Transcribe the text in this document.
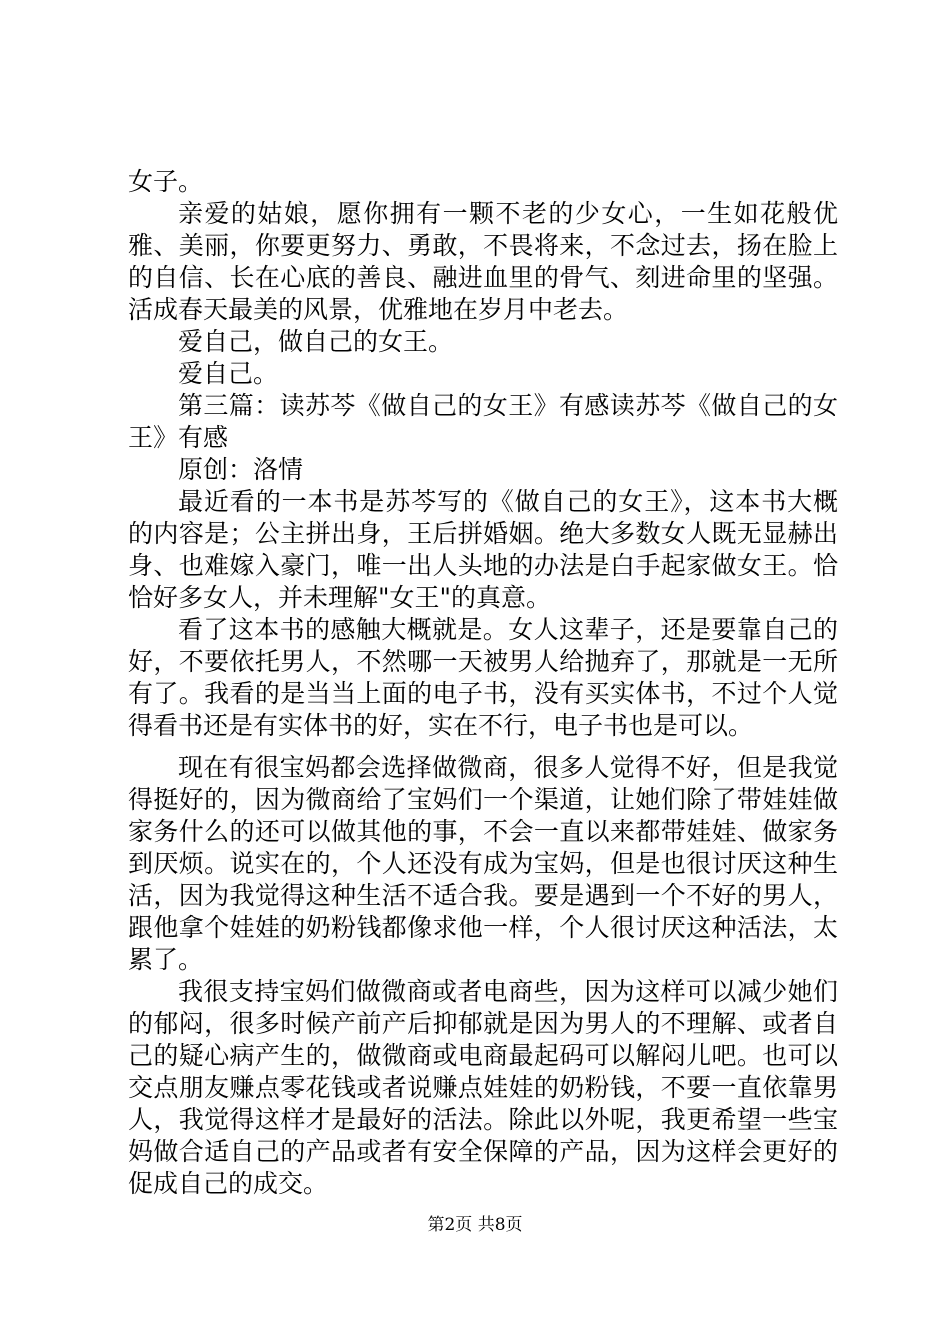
女子。

亲爱的姑娘，愿你拥有一颗不老的少女心，一生如花般优雅、美丽，你要更努力、勇敢，不畏将来，不念过去，扬在脸上的自信、长在心底的善良、融进血里的骨气、刻进命里的坚强。活成春天最美的风景，优雅地在岁月中老去。

爱自己，做自己的女王。

爱自己。

第三篇：读苏芩《做自己的女王》有感读苏芩《做自己的女王》有感

原创：洛情

最近看的一本书是苏芩写的《做自己的女王》，这本书大概的内容是；公主拼出身，王后拼婚姻。绝大多数女人既无显赫出身、也难嫁入豪门，唯一出人头地的办法是白手起家做女王。恰恰好多女人，并未理解"女王"的真意。

看了这本书的感触大概就是。女人这辈子，还是要靠自己的好，不要依托男人，不然哪一天被男人给抛弃了，那就是一无所有了。我看的是当当上面的电子书，没有买实体书，不过个人觉得看书还是有实体书的好，实在不行，电子书也是可以。

现在有很宝妈都会选择做微商，很多人觉得不好，但是我觉得挺好的，因为微商给了宝妈们一个渠道，让她们除了带娃娃做家务什么的还可以做其他的事，不会一直以来都带娃娃、做家务到厌烦。说实在的，个人还没有成为宝妈，但是也很讨厌这种生活，因为我觉得这种生活不适合我。要是遇到一个不好的男人，跟他拿个娃娃的奶粉钱都像求他一样，个人很讨厌这种活法，太累了。

我很支持宝妈们做微商或者电商些，因为这样可以减少她们的郁闷，很多时候产前产后抑郁就是因为男人的不理解、或者自己的疑心病产生的，做微商或电商最起码可以解闷儿吧。也可以交点朋友赚点零花钱或者说赚点娃娃的奶粉钱，不要一直依靠男人，我觉得这样才是最好的活法。除此以外呢，我更希望一些宝妈做合适自己的产品或者有安全保障的产品，因为这样会更好的促成自己的成交。

第2页 共8页
